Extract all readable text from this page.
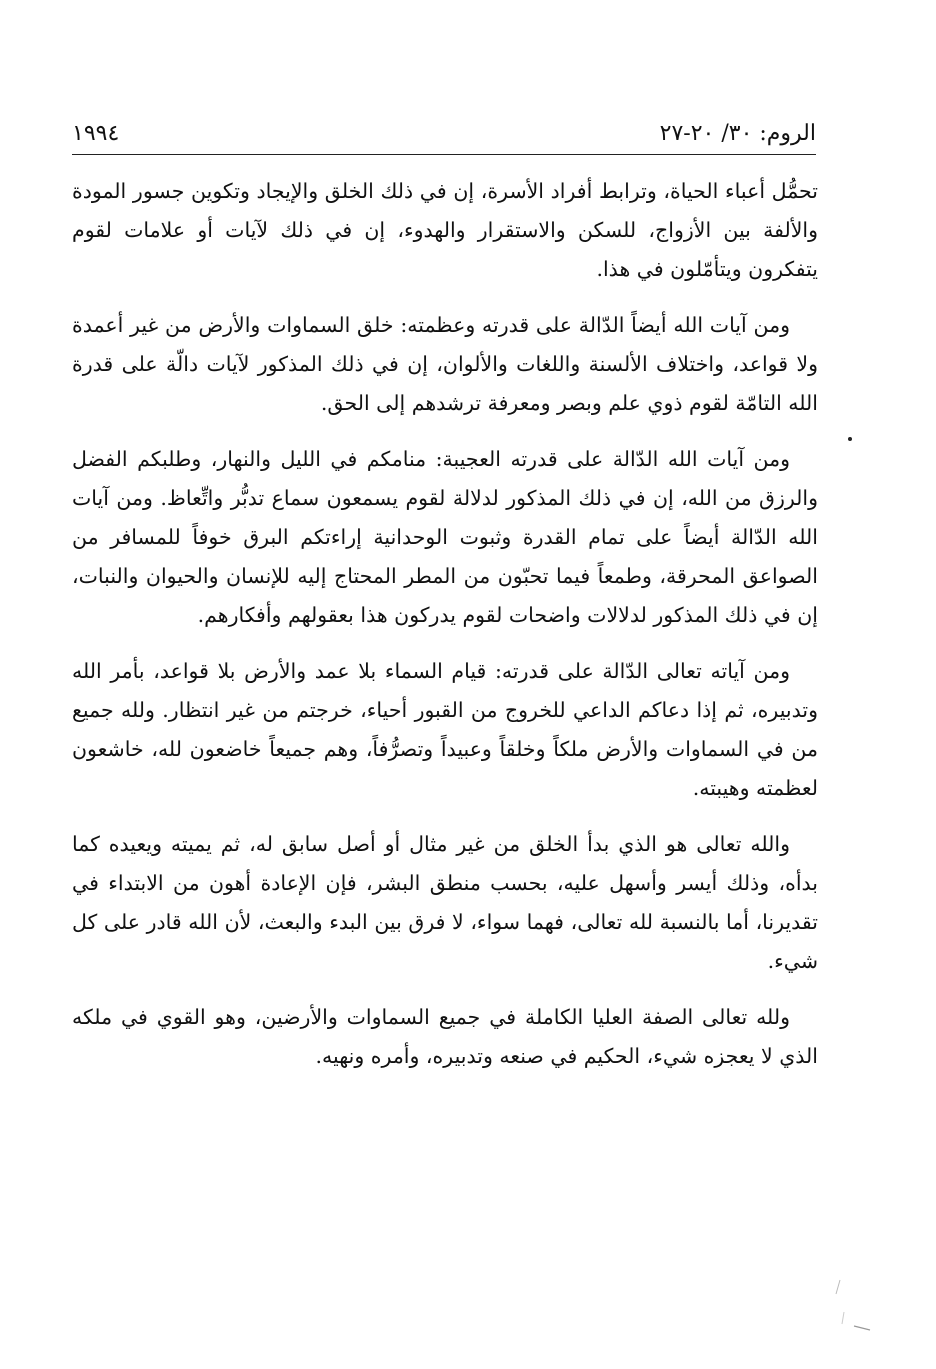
الروم: ٣٠/ ٢٠-٢٧
١٩٩٤

تحمُّل أعباء الحياة، وترابط أفراد الأسرة، إن في ذلك الخلق والإيجاد وتكوين جسور المودة والألفة بين الأزواج، للسكن والاستقرار والهدوء، إن في ذلك لآيات أو علامات لقوم يتفكرون ويتأمّلون في هذا.

ومن آيات الله أيضاً الدّالة على قدرته وعظمته: خلق السماوات والأرض من غير أعمدة ولا قواعد، واختلاف الألسنة واللغات والألوان، إن في ذلك المذكور لآيات دالّة على قدرة الله التامّة لقوم ذوي علم وبصر ومعرفة ترشدهم إلى الحق.

ومن آيات الله الدّالة على قدرته العجيبة: منامكم في الليل والنهار، وطلبكم الفضل والرزق من الله، إن في ذلك المذكور لدلالة لقوم يسمعون سماع تدبُّر واتِّعاظ. ومن آيات الله الدّالة أيضاً على تمام القدرة وثبوت الوحدانية إراءتكم البرق خوفاً للمسافر من الصواعق المحرقة، وطمعاً فيما تحبّون من المطر المحتاج إليه للإنسان والحيوان والنبات، إن في ذلك المذكور لدلالات واضحات لقوم يدركون هذا بعقولهم وأفكارهم.

ومن آياته تعالى الدّالة على قدرته: قيام السماء بلا عمد والأرض بلا قواعد، بأمر الله وتدبيره، ثم إذا دعاكم الداعي للخروج من القبور أحياء، خرجتم من غير انتظار. ولله جميع من في السماوات والأرض ملكاً وخلقاً وعبيداً وتصرُّفاً، وهم جميعاً خاضعون لله، خاشعون لعظمته وهيبته.

والله تعالى هو الذي بدأ الخلق من غير مثال أو أصل سابق له، ثم يميته ويعيده كما بدأه، وذلك أيسر وأسهل عليه، بحسب منطق البشر، فإن الإعادة أهون من الابتداء في تقديرنا، أما بالنسبة لله تعالى، فهما سواء، لا فرق بين البدء والبعث، لأن الله قادر على كل شيء.

ولله تعالى الصفة العليا الكاملة في جميع السماوات والأرضين، وهو القوي في ملكه الذي لا يعجزه شيء، الحكيم في صنعه وتدبيره، وأمره ونهيه.
